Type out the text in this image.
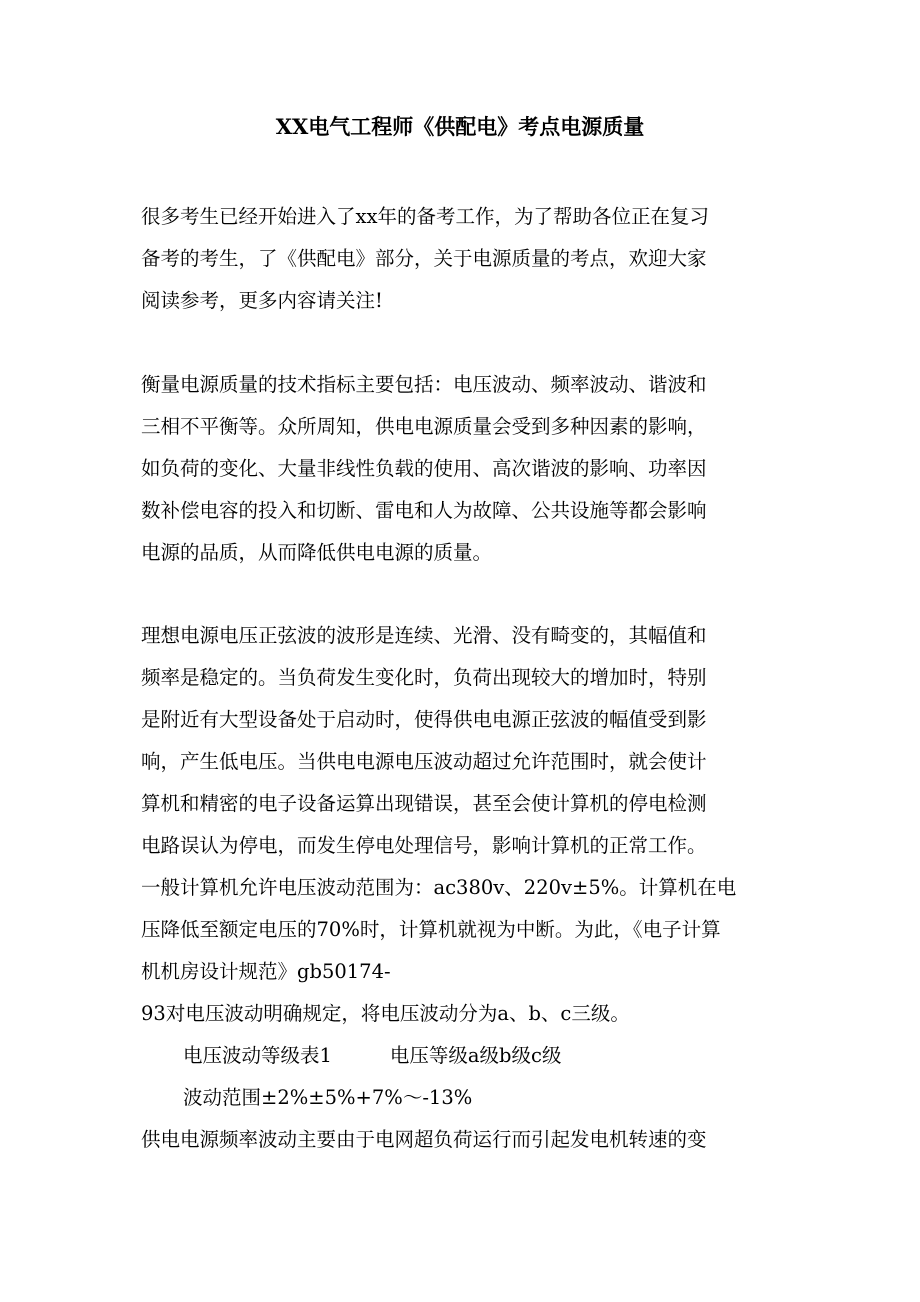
XX电气工程师《供配电》考点电源质量
很多考生已经开始进入了xx年的备考工作，为了帮助各位正在复习
备考的考生，了《供配电》部分，关于电源质量的考点，欢迎大家
阅读参考，更多内容请关注!
衡量电源质量的技术指标主要包括：电压波动、频率波动、谐波和
三相不平衡等。众所周知，供电电源质量会受到多种因素的影响，
如负荷的变化、大量非线性负载的使用、高次谐波的影响、功率因
数补偿电容的投入和切断、雷电和人为故障、公共设施等都会影响
电源的品质，从而降低供电电源的质量。
理想电源电压正弦波的波形是连续、光滑、没有畸变的，其幅值和
频率是稳定的。当负荷发生变化时，负荷出现较大的增加时，特别
是附近有大型设备处于启动时，使得供电电源正弦波的幅值受到影
响，产生低电压。当供电电源电压波动超过允许范围时，就会使计
算机和精密的电子设备运算出现错误，甚至会使计算机的停电检测
电路误认为停电，而发生停电处理信号，影响计算机的正常工作。
一般计算机允许电压波动范围为：ac380v、220v±5%。计算机在电
压降低至额定电压的70%时，计算机就视为中断。为此，《电子计算
机机房设计规范》gb50174-
93对电压波动明确规定，将电压波动分为a、b、c三级。
电压波动等级表1	电压等级a级b级c级
波动范围±2%±5%+7%～-13%
供电电源频率波动主要由于电网超负荷运行而引起发电机转速的变
